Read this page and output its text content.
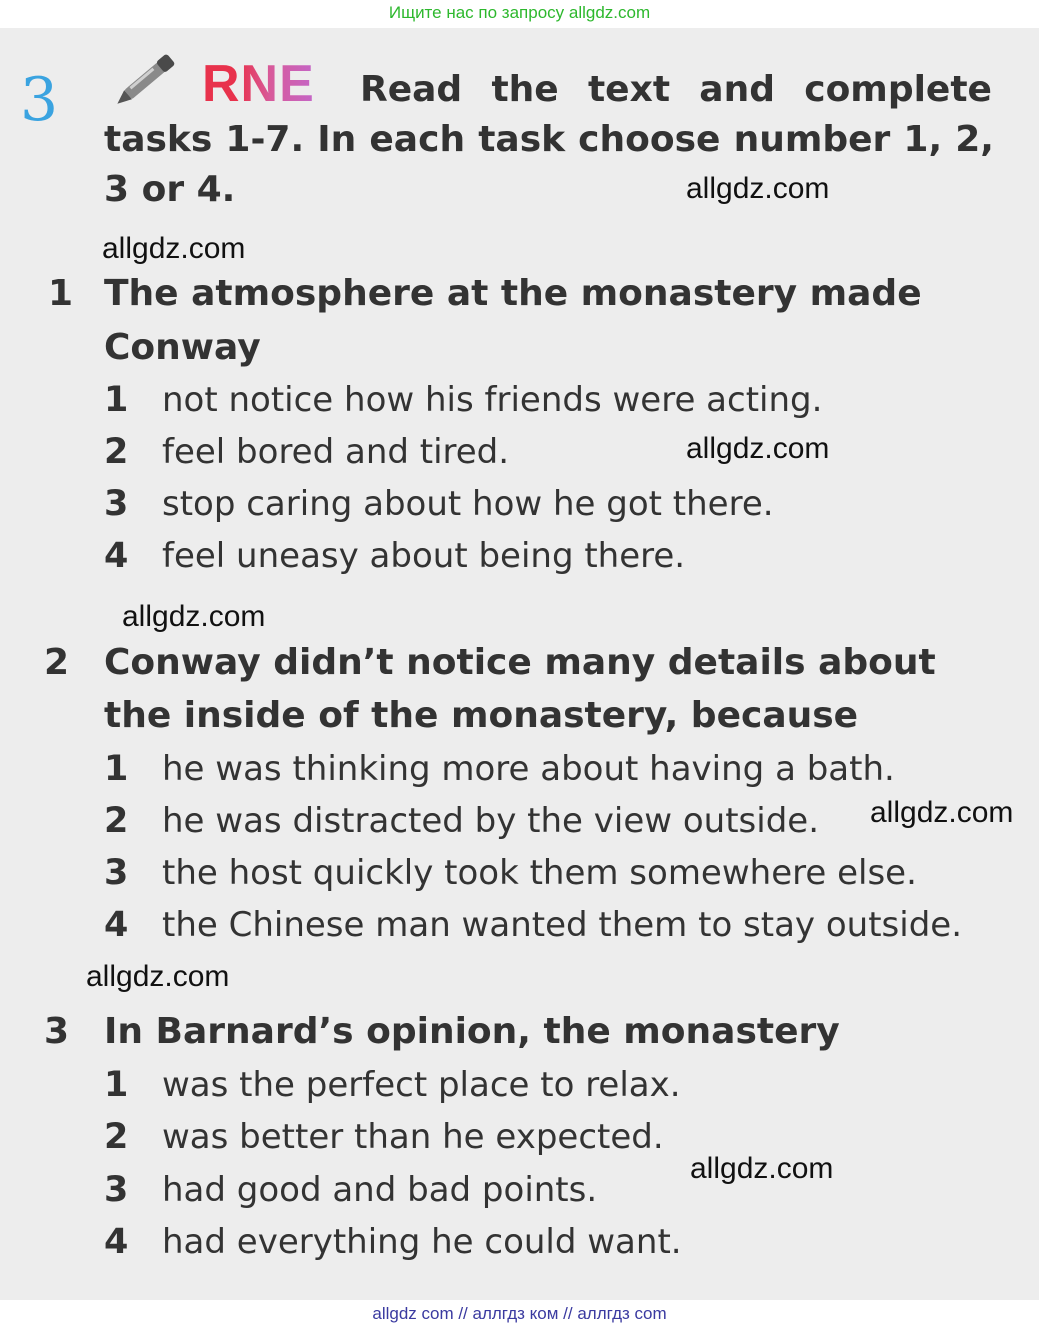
Ищите нас по запросу allgdz.com
3	RNE Read the text and complete
tasks 1-7. In each task choose number 1, 2,
3 or 4.	allgdz.com
allgdz.com
allgdz.com
allgdz.com
allgdz.com
allgdz.com
allgdz.com
1 The atmosphere at the monastery made
Conway
1 not notice how his friends were acting.
2 feel bored and tired.
3 stop caring about how he got there.
4 feel uneasy about being there.
2 Conway didn’t notice many details about
the inside of the monastery, because
1 he was thinking more about having a bath.
2 he was distracted by the view outside.
3 the host quickly took them somewhere else.
4 the Chinese man wanted them to stay outside.
3 In Barnard’s opinion, the monastery
1 was the perfect place to relax.
2 was better than he expected.
3 had good and bad points.
4 had everything he could want.
allgdz com // аллгдз ком // аллгдз com
